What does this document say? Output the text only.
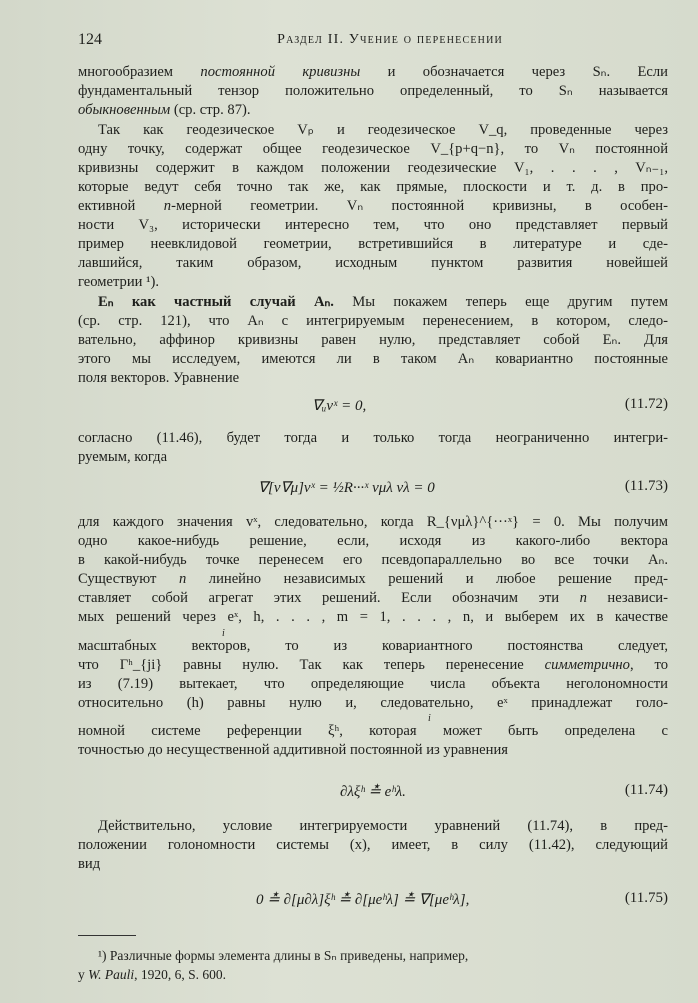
124	Раздел II. Учение о перенесении
многообразием постоянной кривизны и обозначается через Sₙ. Если
фундаментальный тензор положительно определенный, то Sₙ называется
обыкновенным (ср. стр. 87).
Так как геодезическое Vₚ и геодезическое V_q, проведенные через
одну точку, содержат общее геодезическое V_{p+q−n}, то Vₙ постоянной
кривизны содержит в каждом положении геодезические V₁, . . . , Vₙ₋₁,
которые ведут себя точно так же, как прямые, плоскости и т. д. в про-
ективной n-мерной геометрии. Vₙ постоянной кривизны, в особен-
ности V₃, исторически интересно тем, что оно представляет первый
пример неевклидовой геометрии, встретившийся в литературе и сде-
лавшийся, таким образом, исходным пунктом развития новейшей
геометрии ¹).
Eₙ как частный случай Aₙ. Мы покажем теперь еще другим путем
(ср. стр. 121), что Aₙ с интегрируемым перенесением, в котором, следо-
вательно, аффинор кривизны равен нулю, представляет собой Eₙ. Для
этого мы исследуем, имеются ли в таком Aₙ ковариантно постоянные
поля векторов. Уравнение
согласно (11.46), будет тогда и только тогда неограниченно интегри-
руемым, когда
для каждого значения vˣ, следовательно, когда R_{νμλ}^{···ˣ} = 0. Мы получим
одно какое-нибудь решение, если, исходя из какого-либо вектора
в какой-нибудь точке перенесем его псевдопараллельно во все точки Aₙ.
Существуют n линейно независимых решений и любое решение пред-
ставляет собой агрегат этих решений. Если обозначим эти n независи-
мых решений через eˣ, h, . . . , m = 1, . . . , n, и выберем их в качестве
масштабных векторов, то из ковариантного постоянства следует,
что Γʰ_{ji} равны нулю. Так как теперь перенесение симметрично, то
из (7.19) вытекает, что определяющие числа объекта неголономности
относительно (h) равны нулю и, следовательно, eˣ принадлежат голо-
номной системе референции ξʰ, которая может быть определена с
точностью до несущественной аддитивной постоянной из уравнения
Действительно, условие интегрируемости уравнений (11.74), в пред-
положении голономности системы (x), имеет, в силу (11.42), следующий
вид
∇ᵤvˣ = 0,	(11.72)
∇[ν∇μ]vˣ = ½R···ˣ νμλ vλ = 0	(11.73)
∂λξʰ ≛ eʰλ.	(11.74)
0 ≛ ∂[μ∂λ]ξʰ ≛ ∂[μeʰλ] ≛ ∇[μeʰλ],	(11.75)
i
i
¹) Различные формы элемента длины в Sₙ приведены, например,
у W. Pauli, 1920, 6, S. 600.
